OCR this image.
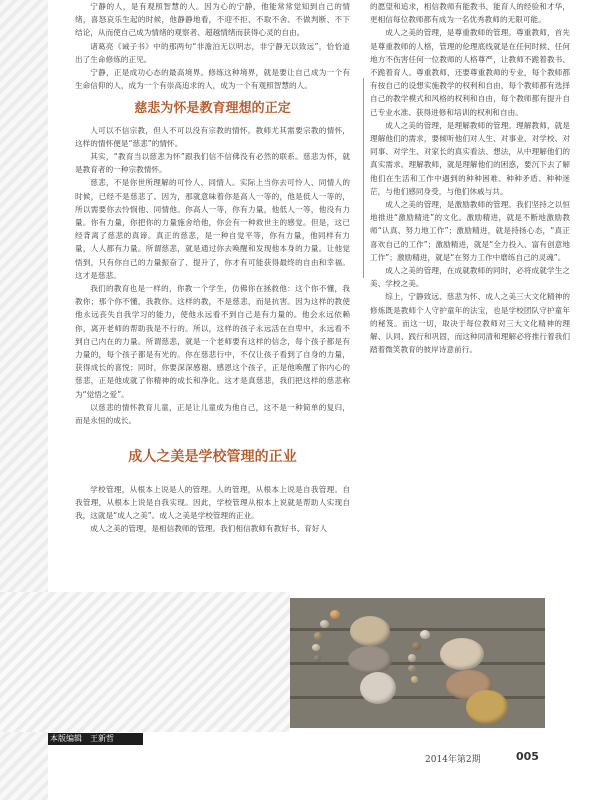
宁静的人，是有观照智慧的人。因为心的宁静，他能常常觉知到自己的情绪，喜怒哀乐生起的时候，他静静地看，不迎不拒、不取不舍、不做判断、不下结论，从而使自己成为情绪的观察者、超越情绪而获得心灵的自由。

诸葛亮《诫子书》中的那两句“非澹泊无以明志，非宁静无以致远”，恰恰道出了生命修炼的正见。

宁静，正是成功心态的最高境界。修练这种境界，就是要让自己成为一个有生命信仰的人，成为一个有崇高追求的人，成为一个有观照智慧的人。

慈悲为怀是教育理想的正定

人可以不信宗教，但人不可以没有宗教的情怀。教师尤其需要宗教的情怀，这样的情怀便是“慈悲”的情怀。

其实，“教育当以慈悲为怀”跟我们信不信佛没有必然的联系。慈悲为怀，就是教育者的一种宗教情怀。

慈悲，不是你世所理解的可怜人、同情人。实际上当你去可怜人、同情人的时候，已经不是慈悲了。因为，那就意味着你是高人一等的，他是低人一等的，所以需要你去怜悯他、同情他。你高人一等，你有力量，他低人一等，他没有力量。你有力量，你把你的力量施舍给他，你会有一种救世主的感觉。但是，这已经背离了慈悲的真谛。真正的慈悲，是一种自觉平等，你有力量，他同样有力量，人人都有力量。所谓慈悲，就是通过你去唤醒和发现他本身的力量。让他觉悟到，只有你自己的力量振奋了、提升了，你才有可能获得最终的自由和幸福。这才是慈悲。

我们的教育也是一样的，你教一个学生，仿佛你在拯救他：这个你不懂，我教你；那个你不懂，我教你。这样的教，不是慈悲，而是抗害。因为这样的教使他永远丧失自我学习的能力，使他永远看不到自己是有力量的。他会永远依赖你，离开老师的帮助我是不行的。所以，这样的孩子永远活在自卑中，永远看不到自己内在的力量。所谓慈悲，就是一个老师要有这样的信念，每个孩子都是有力量的，每个孩子都是有光的。你在慈悲行中，不仅让孩子看到了自身的力量，获得成长的喜悦；同时，你要深深感谢、感恩这个孩子，正是他唤醒了你内心的慈悲，正是他成就了你精神的成长和净化。这才是真慈悲，我们把这样的慈悲称为“觉悟之爱”。

以慈悲的情怀教育儿童，正是让儿童成为他自己，这不是一种简单的复归，而是永恒的成长。

成人之美是学校管理的正业

学校管理，从根本上说是人的管理。人的管理，从根本上说是自我管理。自我管理，从根本上说是自我实现。因此，学校管理从根本上说就是帮助人实现自我，这就是“成人之美”。成人之美是学校管理的正业。

成人之美的管理，是相信教师的管理。我们相信教师有教好书、育好人

的愿望和追求，相信教师有能教书、能育人的经验和才华，更相信每位教师都有成为一名优秀教师的无限可能。

成人之美的管理，是尊重教师的管理。尊重教师，首先是尊重教师的人格，管理的伦理底线就是在任何时候、任何地方不伤害任何一位教师的人格尊严，让教师不跪着教书、不跪着育人。尊重教师，还要尊重教师的专业，每个教师都有按自己的设想实施教学的权利和自由，每个教师都有选择自己的教学模式和风格的权利和自由，每个教师都有提升自己专业水准、获得进修和培训的权利和自由。

成人之美的管理，是理解教师的管理。理解教师，就是理解他们的需求，要倾听他们对人生、对事业、对学校、对同事、对学生、对家长的真实看法、想法，从中理解他们的真实需求。理解教师，就是理解他们的困惑，要沉下去了解他们在生活和工作中遇到的种种困难、种种矛盾、种种迷茫，与他们感同身受，与他们休戚与共。

成人之美的管理，是激励教师的管理。我们坚持之以恒地推进“激励精进”的文化。激励精进，就是不断地激励教师“认真、努力地工作”；激励精进，就是持扬心态，“真正喜欢自己的工作”；激励精进，就是“全力投入、富有创意地工作”；激励精进，就是“在努力工作中磨练自己的灵魂”。

成人之美的管理，在成就教师的同时，必将成就学生之美、学校之美。

综上，宁静致远、慈悲为怀、成人之美三大文化精神的修炼既是教师个人守护童年的法宝，也是学校团队守护童年的秘笈。而这一切，取决于每位教师对三大文化精神的理解、认同、践行和巩固，而这种同清和理解必将推行着我们踏着微笑教育的彼岸诗意前行。

本版编辑　王新哲
2014年第2期	005
